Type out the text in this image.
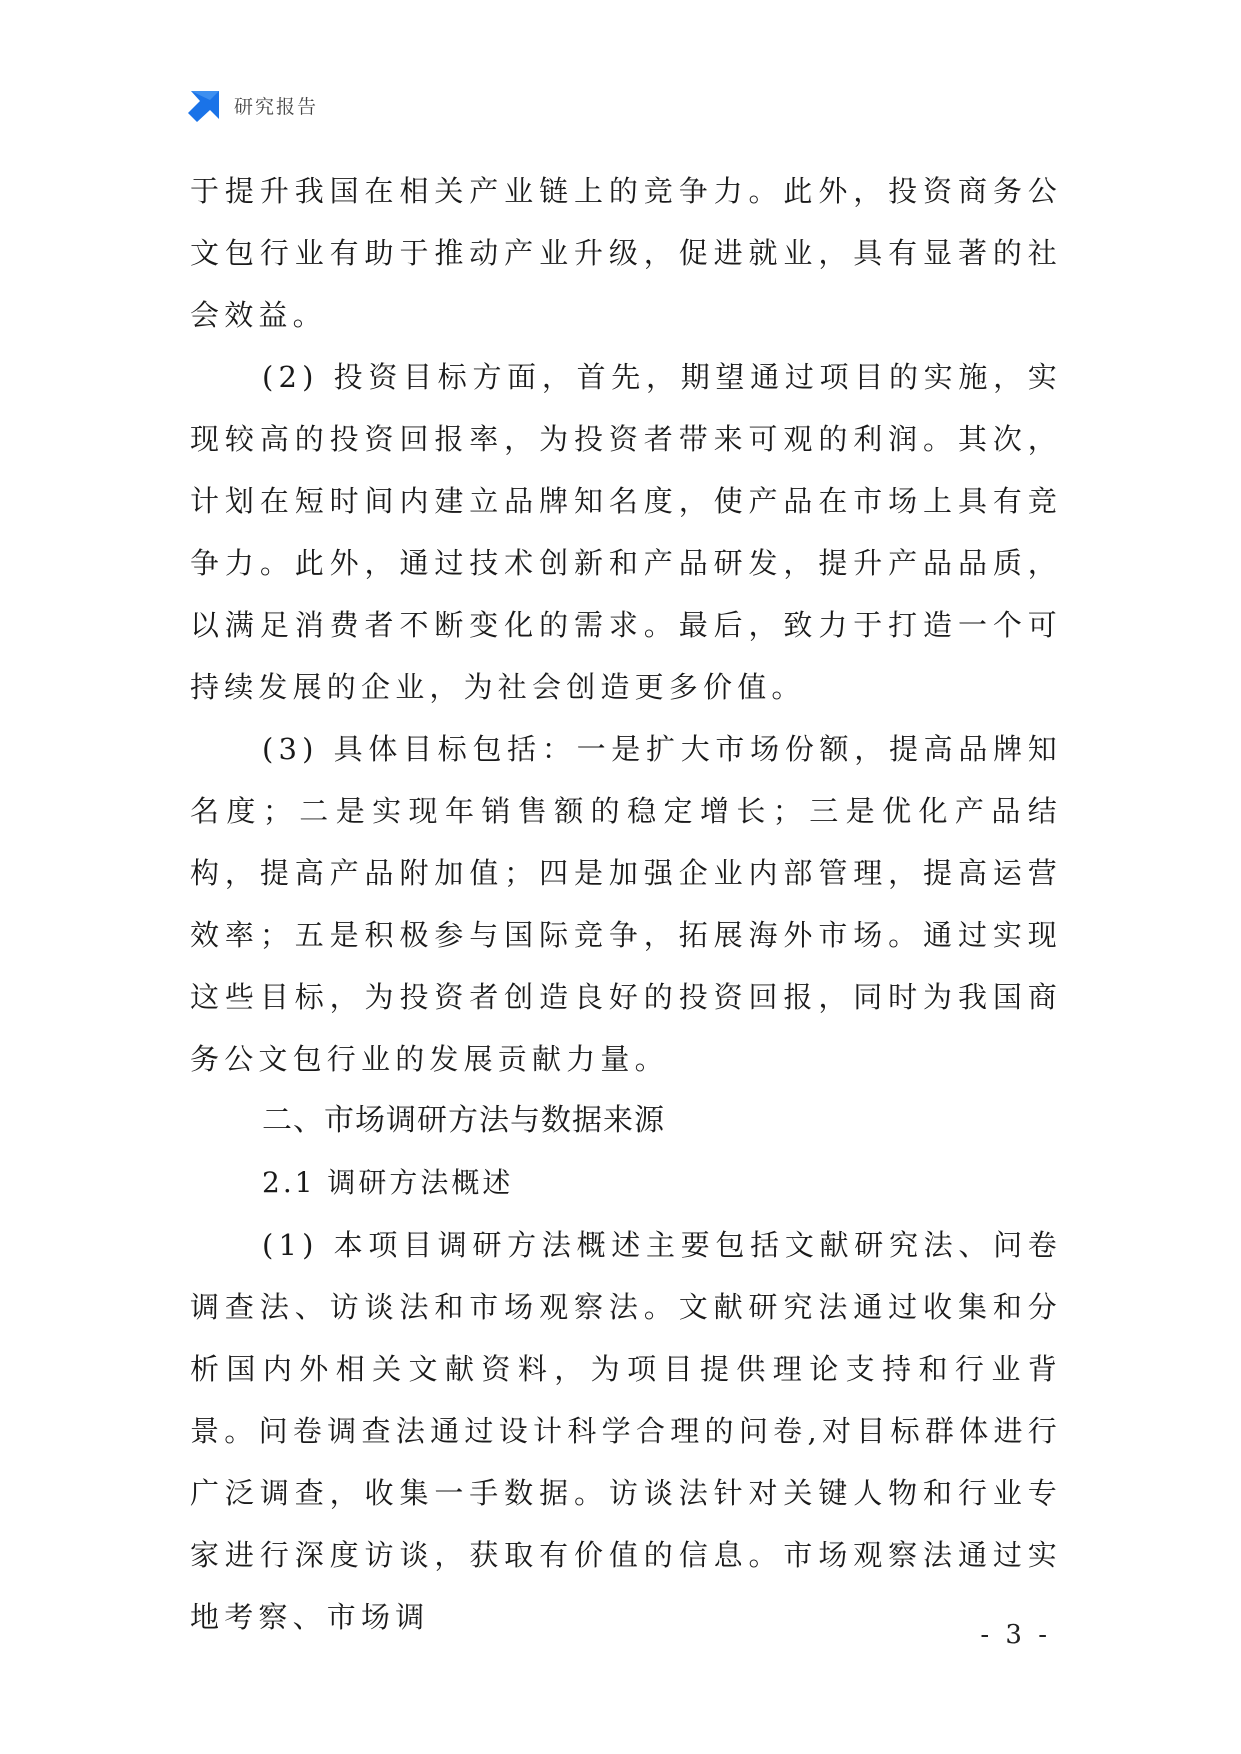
研究报告

于提升我国在相关产业链上的竞争力。此外，投资商务公文包行业有助于推动产业升级，促进就业，具有显著的社会效益。

(2) 投资目标方面，首先，期望通过项目的实施，实现较高的投资回报率，为投资者带来可观的利润。其次，计划在短时间内建立品牌知名度，使产品在市场上具有竞争力。此外，通过技术创新和产品研发，提升产品品质，以满足消费者不断变化的需求。最后，致力于打造一个可持续发展的企业，为社会创造更多价值。

(3) 具体目标包括：一是扩大市场份额，提高品牌知名度；二是实现年销售额的稳定增长；三是优化产品结构，提高产品附加值；四是加强企业内部管理，提高运营效率；五是积极参与国际竞争，拓展海外市场。通过实现这些目标，为投资者创造良好的投资回报，同时为我国商务公文包行业的发展贡献力量。

二、市场调研方法与数据来源

2.1 调研方法概述

(1) 本项目调研方法概述主要包括文献研究法、问卷调查法、访谈法和市场观察法。文献研究法通过收集和分析国内外相关文献资料，为项目提供理论支持和行业背景。问卷调查法通过设计科学合理的问卷,对目标群体进行广泛调查，收集一手数据。访谈法针对关键人物和行业专家进行深度访谈，获取有价值的信息。市场观察法通过实地考察、市场调

- 3 -
